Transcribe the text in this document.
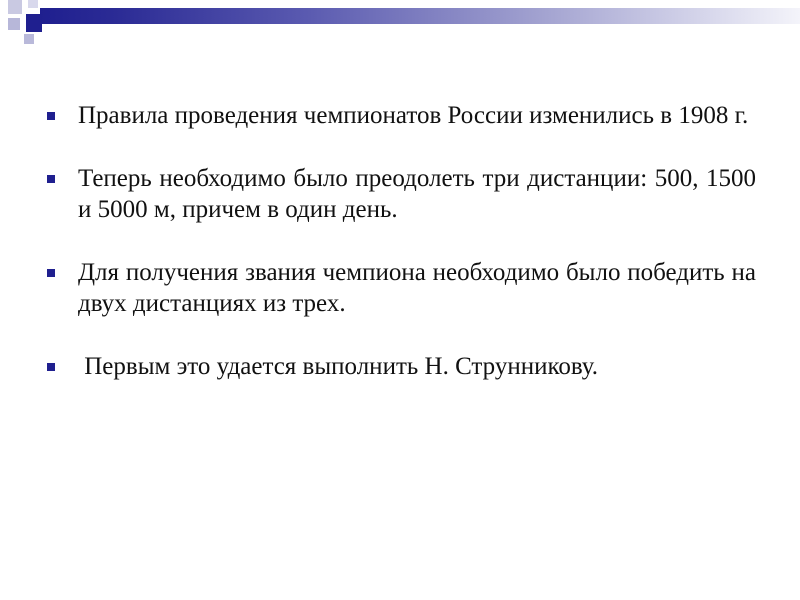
Правила проведения чемпионатов России изменились в 1908 г.
Теперь необходимо было преодолеть три дистанции: 500, 1500 и 5000 м, причем в один день.
Для получения звания чемпиона необходимо было победить на двух дистанциях из трех.
Первым это удается выполнить Н. Струнникову.
